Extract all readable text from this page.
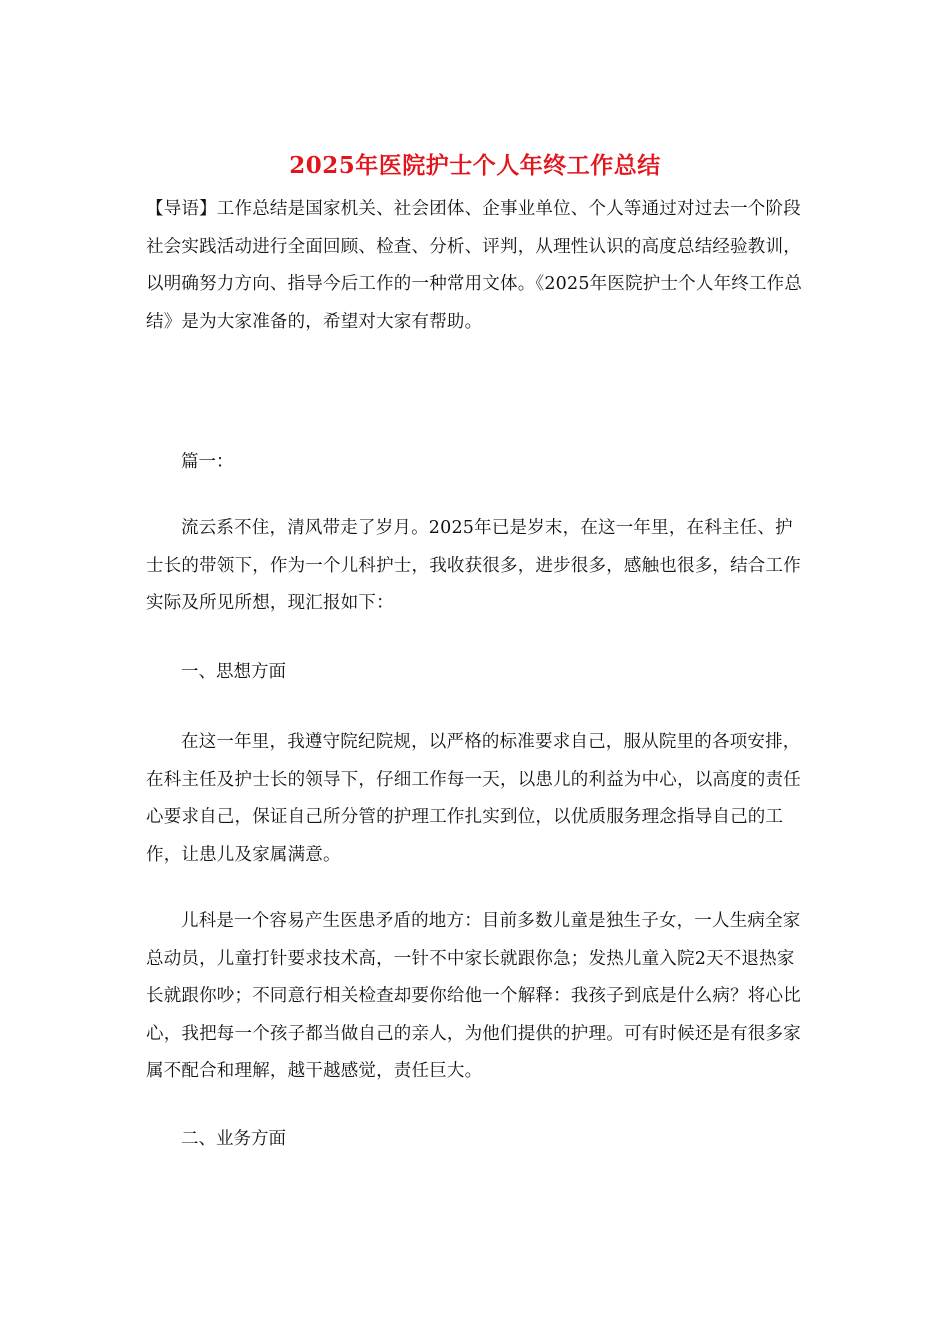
2025年医院护士个人年终工作总结

【导语】工作总结是国家机关、社会团体、企事业单位、个人等通过对过去一个阶段社会实践活动进行全面回顾、检查、分析、评判，从理性认识的高度总结经验教训，以明确努力方向、指导今后工作的一种常用文体。《2025年医院护士个人年终工作总结》是为大家准备的，希望对大家有帮助。

篇一：

流云系不住，清风带走了岁月。2025年已是岁末，在这一年里，在科主任、护士长的带领下，作为一个儿科护士，我收获很多，进步很多，感触也很多，结合工作实际及所见所想，现汇报如下：

一、思想方面

在这一年里，我遵守院纪院规，以严格的标准要求自己，服从院里的各项安排，在科主任及护士长的领导下，仔细工作每一天，以患儿的利益为中心，以高度的责任心要求自己，保证自己所分管的护理工作扎实到位，以优质服务理念指导自己的工作，让患儿及家属满意。

儿科是一个容易产生医患矛盾的地方：目前多数儿童是独生子女，一人生病全家总动员，儿童打针要求技术高，一针不中家长就跟你急；发热儿童入院2天不退热家长就跟你吵；不同意行相关检查却要你给他一个解释：我孩子到底是什么病？将心比心，我把每一个孩子都当做自己的亲人，为他们提供的护理。可有时候还是有很多家属不配合和理解，越干越感觉，责任巨大。

二、业务方面
